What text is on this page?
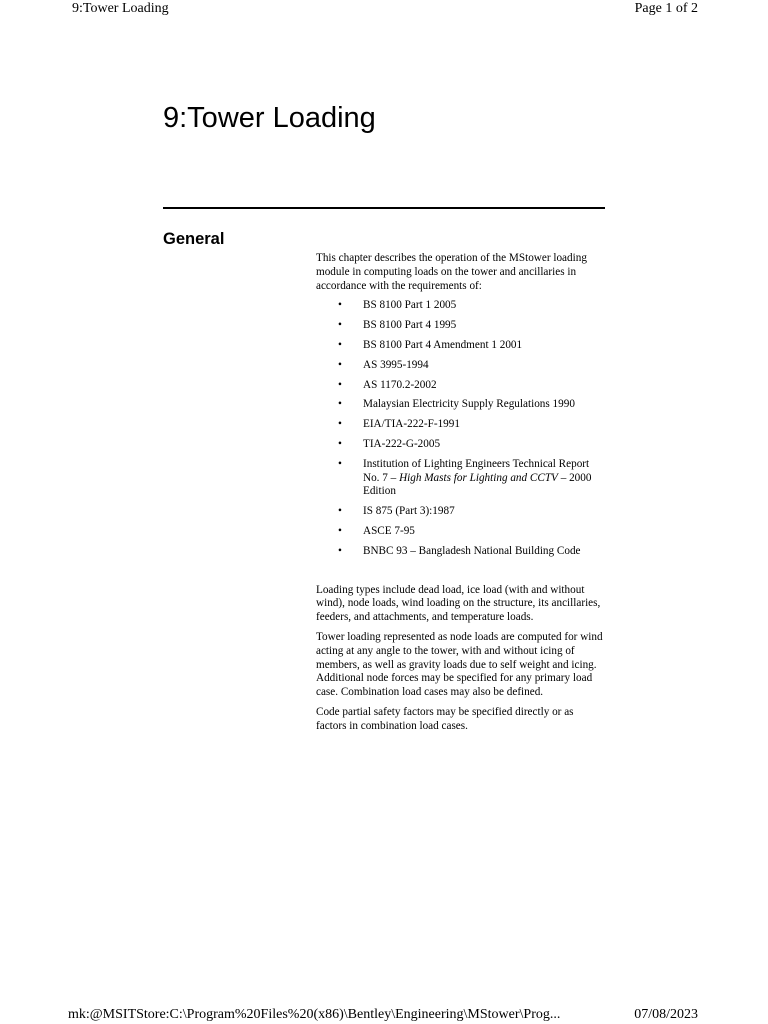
9:Tower Loading	Page 1 of 2
9:Tower Loading
General

This chapter describes the operation of the MStower loading module in computing loads on the tower and ancillaries in accordance with the requirements of:

• BS 8100 Part 1 2005
• BS 8100 Part 4 1995
• BS 8100 Part 4 Amendment 1 2001
• AS 3995-1994
• AS 1170.2-2002
• Malaysian Electricity Supply Regulations 1990
• EIA/TIA-222-F-1991
• TIA-222-G-2005
• Institution of Lighting Engineers Technical Report No. 7 – High Masts for Lighting and CCTV – 2000 Edition
• IS 875 (Part 3):1987
• ASCE 7-95
• BNBC 93 – Bangladesh National Building Code

Loading types include dead load, ice load (with and without wind), node loads, wind loading on the structure, its ancillaries, feeders, and attachments, and temperature loads.

Tower loading represented as node loads are computed for wind acting at any angle to the tower, with and without icing of members, as well as gravity loads due to self weight and icing. Additional node forces may be specified for any primary load case. Combination load cases may also be defined.

Code partial safety factors may be specified directly or as factors in combination load cases.

mk:@MSITStore:C:\Program%20Files%20(x86)\Bentley\Engineering\MStower\Prog...	07/08/2023
